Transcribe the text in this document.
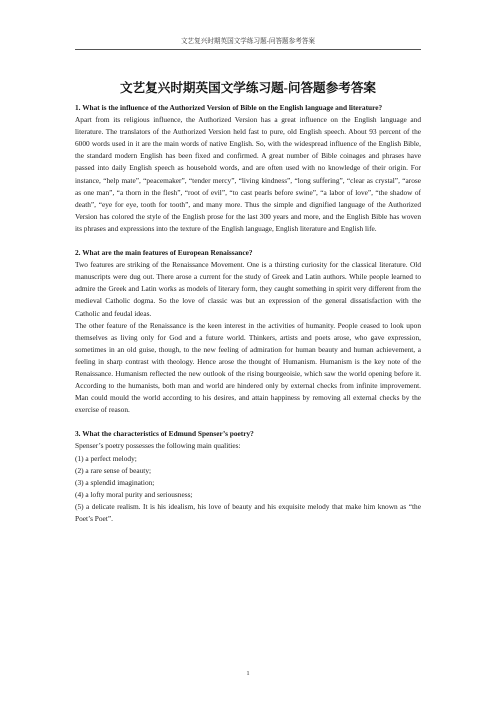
文艺复兴时期英国文学练习题-问答题参考答案
文艺复兴时期英国文学练习题-问答题参考答案

1. What is the influence of the Authorized Version of Bible on the English language and literature?

Apart from its religious influence, the Authorized Version has a great influence on the English language and literature. The translators of the Authorized Version held fast to pure, old English speech. About 93 percent of the 6000 words used in it are the main words of native English. So, with the widespread influence of the English Bible, the standard modern English has been fixed and confirmed. A great number of Bible coinages and phrases have passed into daily English speech as household words, and are often used with no knowledge of their origin. For instance, “help mate”, “peacemaker”, “tender mercy”, “living kindness”, “long suffering”, “clear as crystal”, “arose as one man”, “a thorn in the flesh”, “root of evil”, “to cast pearls before swine”, “a labor of love”, “the shadow of death”, “eye for eye, tooth for tooth”, and many more. Thus the simple and dignified language of the Authorized Version has colored the style of the English prose for the last 300 years and more, and the English Bible has woven its phrases and expressions into the texture of the English language, English literature and English life.

2. What are the main features of European Renaissance?

Two features are striking of the Renaissance Movement. One is a thirsting curiosity for the classical literature. Old manuscripts were dug out. There arose a current for the study of Greek and Latin authors. While people learned to admire the Greek and Latin works as models of literary form, they caught something in spirit very different from the medieval Catholic dogma. So the love of classic was but an expression of the general dissatisfaction with the Catholic and feudal ideas.

The other feature of the Renaissance is the keen interest in the activities of humanity. People ceased to look upon themselves as living only for God and a future world. Thinkers, artists and poets arose, who gave expression, sometimes in an old guise, though, to the new feeling of admiration for human beauty and human achievement, a feeling in sharp contrast with theology. Hence arose the thought of Humanism. Humanism is the key note of the Renaissance. Humanism reflected the new outlook of the rising bourgeoisie, which saw the world opening before it. According to the humanists, both man and world are hindered only by external checks from infinite improvement. Man could mould the world according to his desires, and attain happiness by removing all external checks by the exercise of reason.

3. What the characteristics of Edmund Spenser’s poetry?

Spenser’s poetry possesses the following main qualities:

(1) a perfect melody;

(2) a rare sense of beauty;

(3) a splendid imagination;

(4) a lofty moral purity and seriousness;

(5) a delicate realism. It is his idealism, his love of beauty and his exquisite melody that make him known as “the Poet’s Poet”.

1
